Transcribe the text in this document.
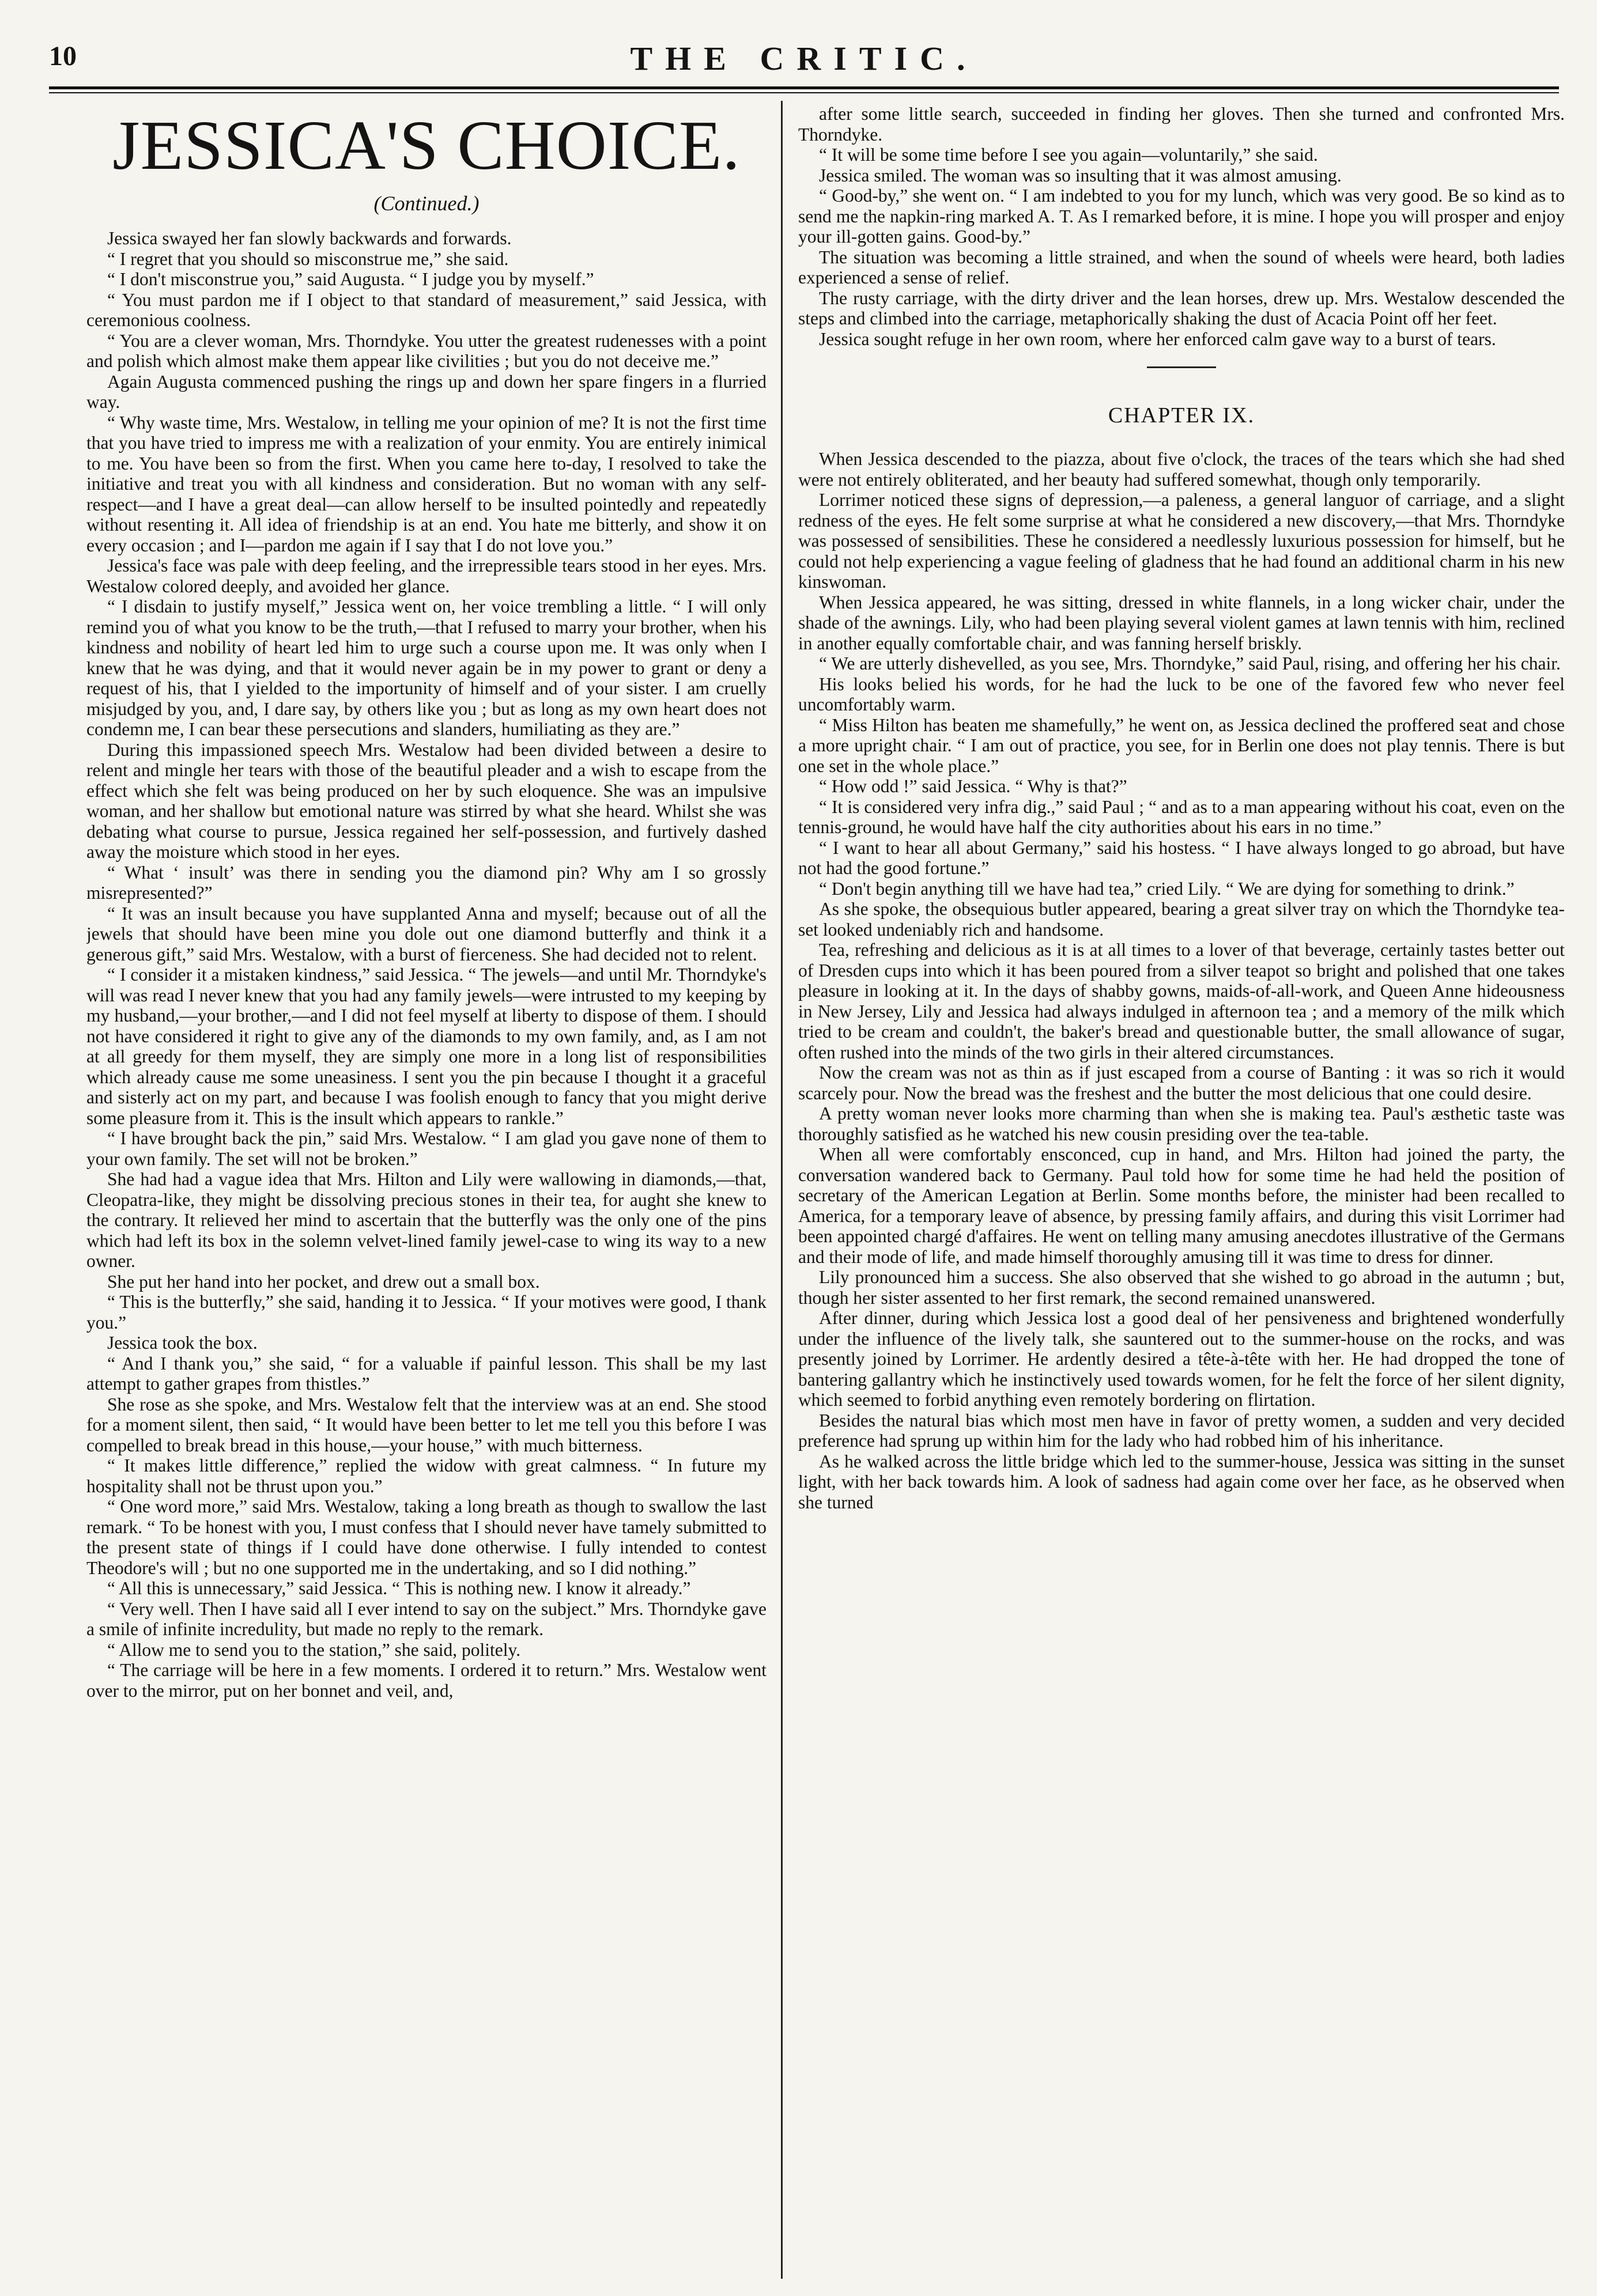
10	THE CRITIC.
JESSICA'S CHOICE.
(Continued.)

Jessica swayed her fan slowly backwards and forwards.

“ I regret that you should so misconstrue me,” she said.

“ I don't misconstrue you,” said Augusta. “ I judge you by myself.”

“ You must pardon me if I object to that standard of measurement,” said Jessica, with ceremonious coolness.

“ You are a clever woman, Mrs. Thorndyke. You utter the greatest rudenesses with a point and polish which almost make them appear like civilities ; but you do not deceive me.”

Again Augusta commenced pushing the rings up and down her spare fingers in a flurried way.

“ Why waste time, Mrs. Westalow, in telling me your opinion of me? It is not the first time that you have tried to impress me with a realization of your enmity. You are entirely inimical to me. You have been so from the first. When you came here to-day, I resolved to take the initiative and treat you with all kindness and consideration. But no woman with any self-respect—and I have a great deal—can allow herself to be insulted pointedly and repeatedly without resenting it. All idea of friendship is at an end. You hate me bitterly, and show it on every occasion ; and I—pardon me again if I say that I do not love you.”

Jessica's face was pale with deep feeling, and the irrepressible tears stood in her eyes. Mrs. Westalow colored deeply, and avoided her glance.

“ I disdain to justify myself,” Jessica went on, her voice trembling a little. “ I will only remind you of what you know to be the truth,—that I refused to marry your brother, when his kindness and nobility of heart led him to urge such a course upon me. It was only when I knew that he was dying, and that it would never again be in my power to grant or deny a request of his, that I yielded to the importunity of himself and of your sister. I am cruelly misjudged by you, and, I dare say, by others like you ; but as long as my own heart does not condemn me, I can bear these persecutions and slanders, humiliating as they are.”

During this impassioned speech Mrs. Westalow had been divided between a desire to relent and mingle her tears with those of the beautiful pleader and a wish to escape from the effect which she felt was being produced on her by such eloquence. She was an impulsive woman, and her shallow but emotional nature was stirred by what she heard. Whilst she was debating what course to pursue, Jessica regained her self-possession, and furtively dashed away the moisture which stood in her eyes.

“ What ‘ insult’ was there in sending you the diamond pin? Why am I so grossly misrepresented?”

“ It was an insult because you have supplanted Anna and myself; because out of all the jewels that should have been mine you dole out one diamond butterfly and think it a generous gift,” said Mrs. Westalow, with a burst of fierceness. She had decided not to relent.

“ I consider it a mistaken kindness,” said Jessica. “ The jewels—and until Mr. Thorndyke's will was read I never knew that you had any family jewels—were intrusted to my keeping by my husband,—your brother,—and I did not feel myself at liberty to dispose of them. I should not have considered it right to give any of the diamonds to my own family, and, as I am not at all greedy for them myself, they are simply one more in a long list of responsibilities which already cause me some uneasiness. I sent you the pin because I thought it a graceful and sisterly act on my part, and because I was foolish enough to fancy that you might derive some pleasure from it. This is the insult which appears to rankle.”

“ I have brought back the pin,” said Mrs. Westalow. “ I am glad you gave none of them to your own family. The set will not be broken.”

She had had a vague idea that Mrs. Hilton and Lily were wallowing in diamonds,—that, Cleopatra-like, they might be dissolving precious stones in their tea, for aught she knew to the contrary. It relieved her mind to ascertain that the butterfly was the only one of the pins which had left its box in the solemn velvet-lined family jewel-case to wing its way to a new owner.

She put her hand into her pocket, and drew out a small box.

“ This is the butterfly,” she said, handing it to Jessica. “ If your motives were good, I thank you.”

Jessica took the box.

“ And I thank you,” she said, “ for a valuable if painful lesson. This shall be my last attempt to gather grapes from thistles.”

She rose as she spoke, and Mrs. Westalow felt that the interview was at an end. She stood for a moment silent, then said, “ It would have been better to let me tell you this before I was compelled to break bread in this house,—your house,” with much bitterness.

“ It makes little difference,” replied the widow with great calmness. “ In future my hospitality shall not be thrust upon you.”

“ One word more,” said Mrs. Westalow, taking a long breath as though to swallow the last remark. “ To be honest with you, I must confess that I should never have tamely submitted to the present state of things if I could have done otherwise. I fully intended to contest Theodore's will ; but no one supported me in the undertaking, and so I did nothing.”

“ All this is unnecessary,” said Jessica. “ This is nothing new. I know it already.”

“ Very well. Then I have said all I ever intend to say on the subject.” Mrs. Thorndyke gave a smile of infinite incredulity, but made no reply to the remark.

“ Allow me to send you to the station,” she said, politely.

“ The carriage will be here in a few moments. I ordered it to return.” Mrs. Westalow went over to the mirror, put on her bonnet and veil, and,

after some little search, succeeded in finding her gloves. Then she turned and confronted Mrs. Thorndyke.

“ It will be some time before I see you again—voluntarily,” she said.

Jessica smiled. The woman was so insulting that it was almost amusing.

“ Good-by,” she went on. “ I am indebted to you for my lunch, which was very good. Be so kind as to send me the napkin-ring marked A. T. As I remarked before, it is mine. I hope you will prosper and enjoy your ill-gotten gains. Good-by.”

The situation was becoming a little strained, and when the sound of wheels were heard, both ladies experienced a sense of relief.

The rusty carriage, with the dirty driver and the lean horses, drew up. Mrs. Westalow descended the steps and climbed into the carriage, metaphorically shaking the dust of Acacia Point off her feet.

Jessica sought refuge in her own room, where her enforced calm gave way to a burst of tears.

CHAPTER IX.

When Jessica descended to the piazza, about five o'clock, the traces of the tears which she had shed were not entirely obliterated, and her beauty had suffered somewhat, though only temporarily.

Lorrimer noticed these signs of depression,—a paleness, a general languor of carriage, and a slight redness of the eyes. He felt some surprise at what he considered a new discovery,—that Mrs. Thorndyke was possessed of sensibilities. These he considered a needlessly luxurious possession for himself, but he could not help experiencing a vague feeling of gladness that he had found an additional charm in his new kinswoman.

When Jessica appeared, he was sitting, dressed in white flannels, in a long wicker chair, under the shade of the awnings. Lily, who had been playing several violent games at lawn tennis with him, reclined in another equally comfortable chair, and was fanning herself briskly.

“ We are utterly dishevelled, as you see, Mrs. Thorndyke,” said Paul, rising, and offering her his chair.

His looks belied his words, for he had the luck to be one of the favored few who never feel uncomfortably warm.

“ Miss Hilton has beaten me shamefully,” he went on, as Jessica declined the proffered seat and chose a more upright chair. “ I am out of practice, you see, for in Berlin one does not play tennis. There is but one set in the whole place.”

“ How odd !” said Jessica. “ Why is that?”

“ It is considered very infra dig.,” said Paul ; “ and as to a man appearing without his coat, even on the tennis-ground, he would have half the city authorities about his ears in no time.”

“ I want to hear all about Germany,” said his hostess. “ I have always longed to go abroad, but have not had the good fortune.”

“ Don't begin anything till we have had tea,” cried Lily. “ We are dying for something to drink.”

As she spoke, the obsequious butler appeared, bearing a great silver tray on which the Thorndyke tea-set looked undeniably rich and handsome.

Tea, refreshing and delicious as it is at all times to a lover of that beverage, certainly tastes better out of Dresden cups into which it has been poured from a silver teapot so bright and polished that one takes pleasure in looking at it. In the days of shabby gowns, maids-of-all-work, and Queen Anne hideousness in New Jersey, Lily and Jessica had always indulged in afternoon tea ; and a memory of the milk which tried to be cream and couldn't, the baker's bread and questionable butter, the small allowance of sugar, often rushed into the minds of the two girls in their altered circumstances.

Now the cream was not as thin as if just escaped from a course of Banting : it was so rich it would scarcely pour. Now the bread was the freshest and the butter the most delicious that one could desire.

A pretty woman never looks more charming than when she is making tea. Paul's æsthetic taste was thoroughly satisfied as he watched his new cousin presiding over the tea-table.

When all were comfortably ensconced, cup in hand, and Mrs. Hilton had joined the party, the conversation wandered back to Germany. Paul told how for some time he had held the position of secretary of the American Legation at Berlin. Some months before, the minister had been recalled to America, for a temporary leave of absence, by pressing family affairs, and during this visit Lorrimer had been appointed chargé d'affaires. He went on telling many amusing anecdotes illustrative of the Germans and their mode of life, and made himself thoroughly amusing till it was time to dress for dinner.

Lily pronounced him a success. She also observed that she wished to go abroad in the autumn ; but, though her sister assented to her first remark, the second remained unanswered.

After dinner, during which Jessica lost a good deal of her pensiveness and brightened wonderfully under the influence of the lively talk, she sauntered out to the summer-house on the rocks, and was presently joined by Lorrimer. He ardently desired a tête-à-tête with her. He had dropped the tone of bantering gallantry which he instinctively used towards women, for he felt the force of her silent dignity, which seemed to forbid anything even remotely bordering on flirtation.

Besides the natural bias which most men have in favor of pretty women, a sudden and very decided preference had sprung up within him for the lady who had robbed him of his inheritance.

As he walked across the little bridge which led to the summer-house, Jessica was sitting in the sunset light, with her back towards him. A look of sadness had again come over her face, as he observed when she turned
